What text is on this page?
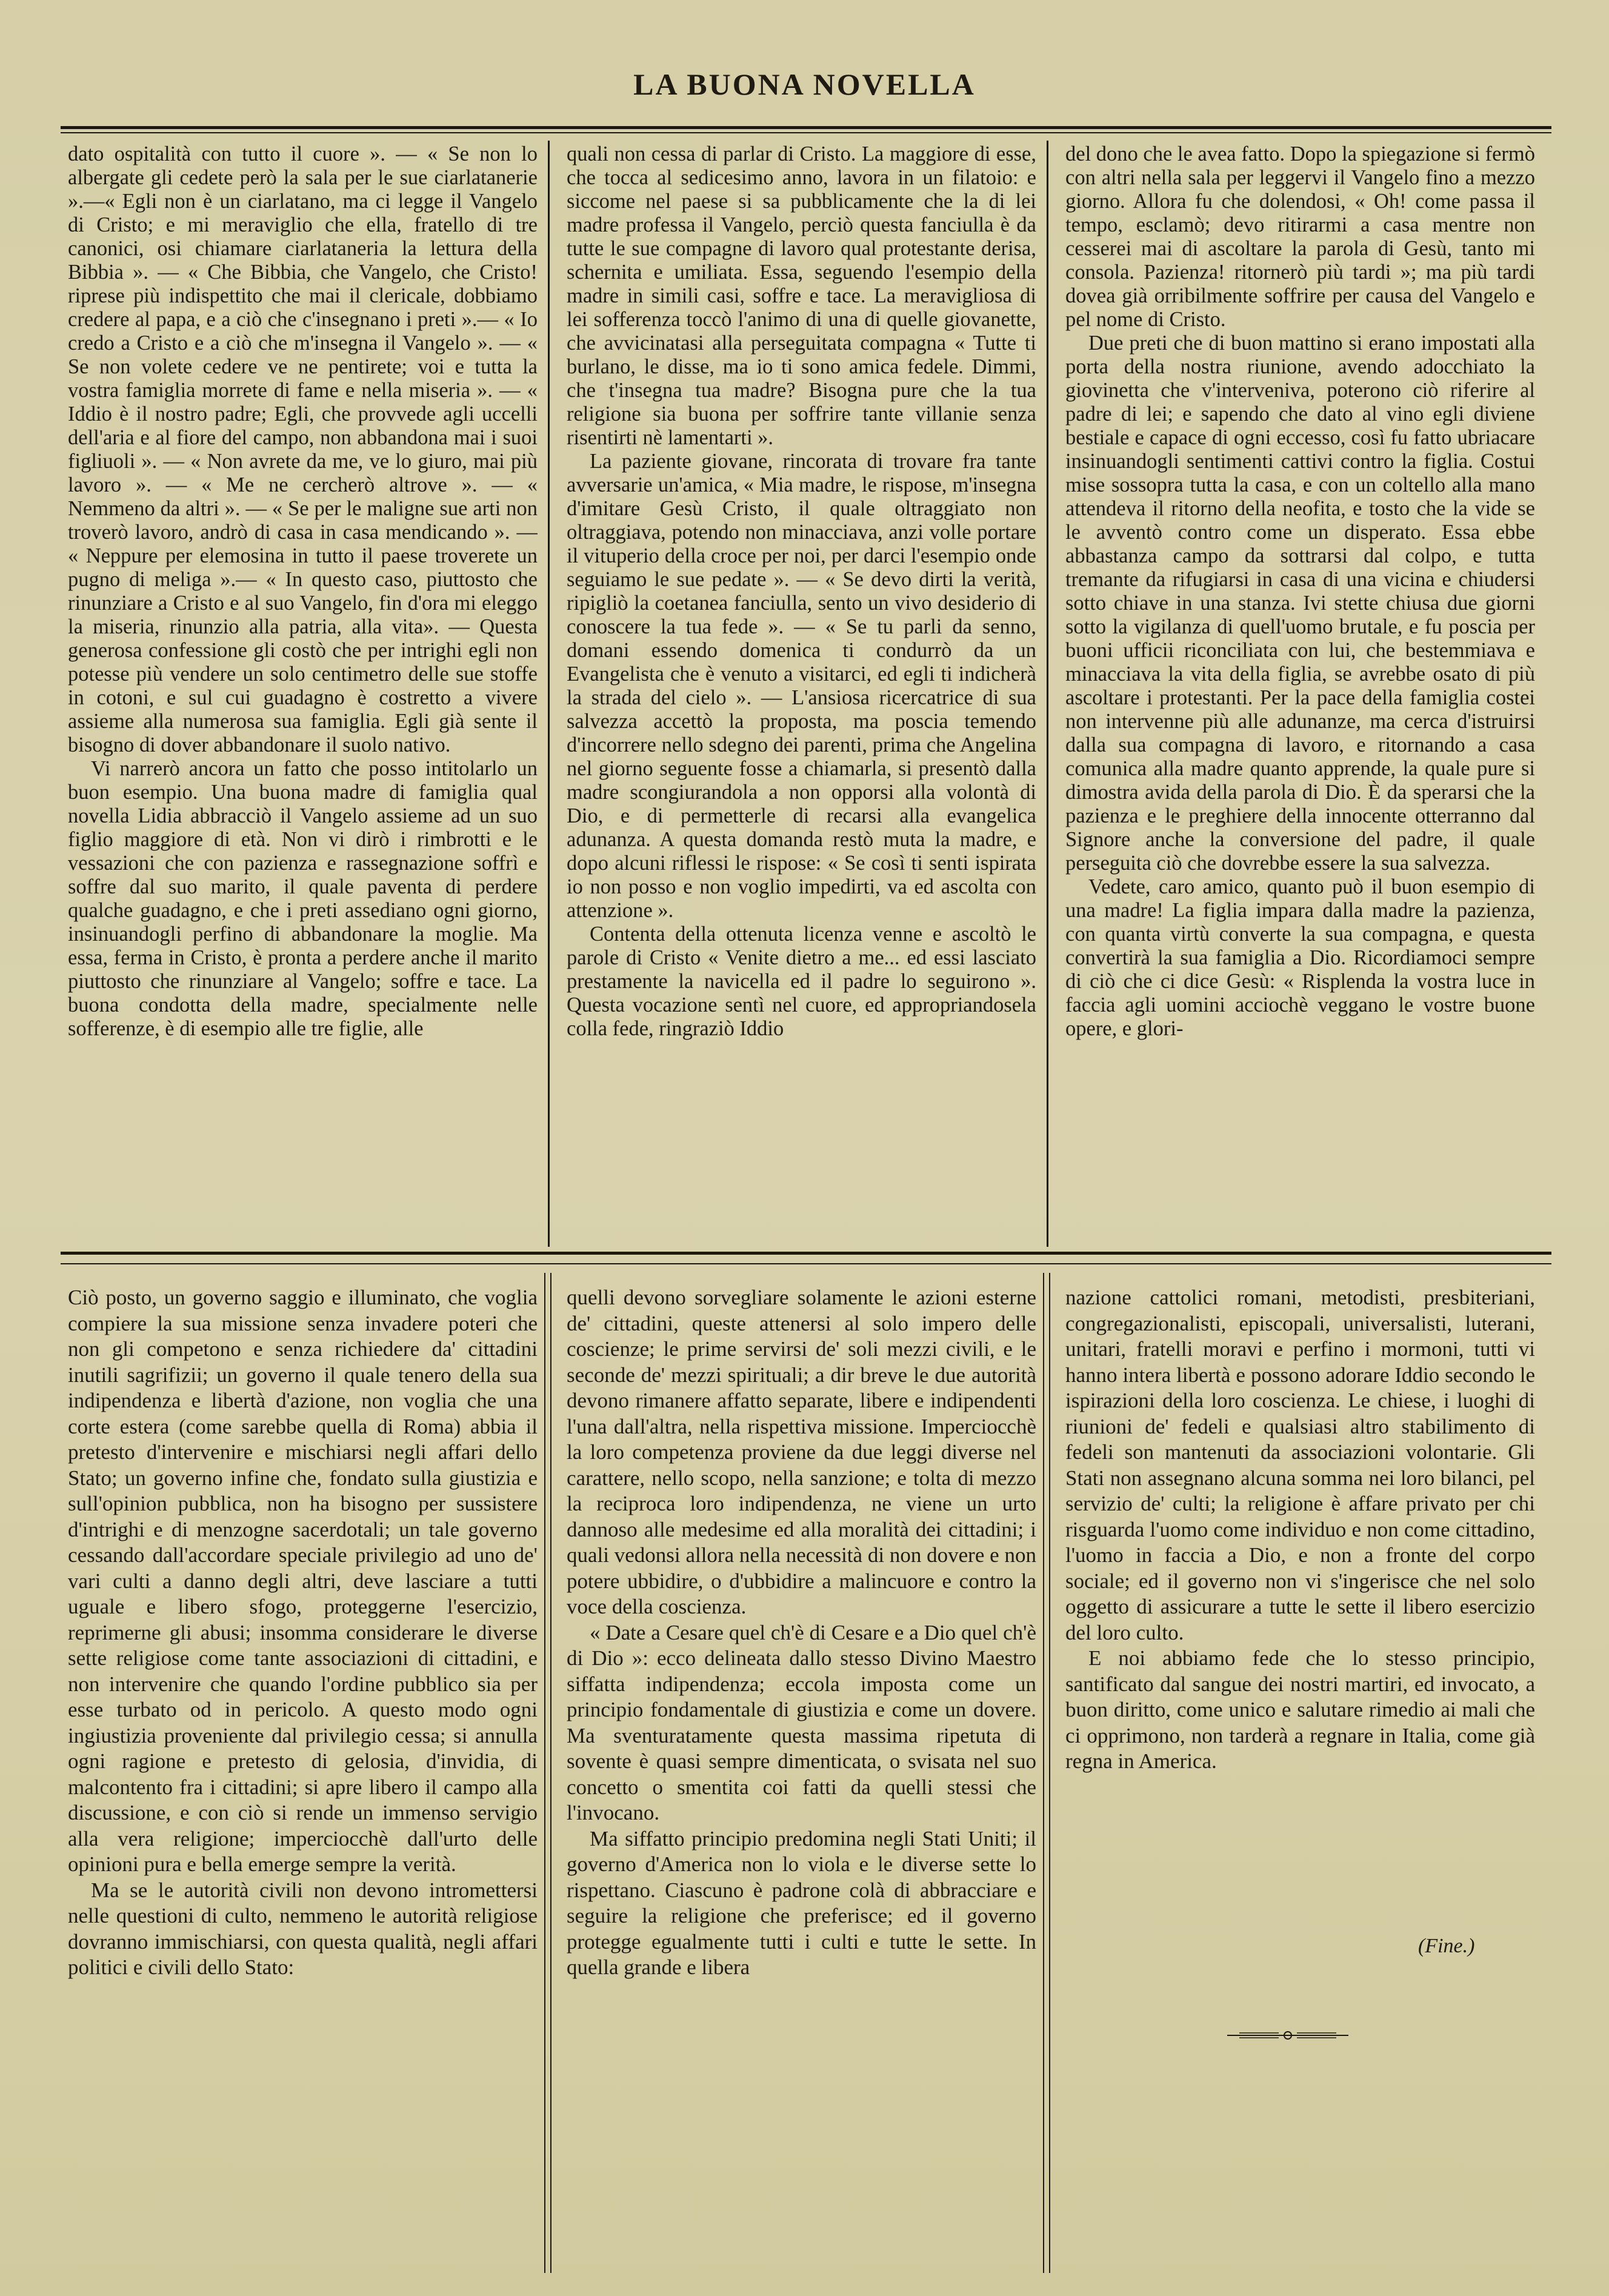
LA BUONA NOVELLA

dato ospitalità con tutto il cuore ». — « Se non lo albergate gli cedete però la sala per le sue ciarlatanerie ».—« Egli non è un ciarlatano, ma ci legge il Vangelo di Cristo; e mi meraviglio che ella, fratello di tre canonici, osi chiamare ciarlataneria la lettura della Bibbia ». — « Che Bibbia, che Vangelo, che Cristo! riprese più indispettito che mai il clericale, dobbiamo credere al papa, e a ciò che c'insegnano i preti ».— « Io credo a Cristo e a ciò che m'insegna il Vangelo ». — « Se non volete cedere ve ne pentirete; voi e tutta la vostra famiglia morrete di fame e nella miseria ». — « Iddio è il nostro padre; Egli, che provvede agli uccelli dell'aria e al fiore del campo, non abbandona mai i suoi figliuoli ». — « Non avrete da me, ve lo giuro, mai più lavoro ». — « Me ne cercherò altrove ». — « Nemmeno da altri ». — « Se per le maligne sue arti non troverò lavoro, andrò di casa in casa mendicando ». — « Neppure per elemosina in tutto il paese troverete un pugno di meliga ».— « In questo caso, piuttosto che rinunziare a Cristo e al suo Vangelo, fin d'ora mi eleggo la miseria, rinunzio alla patria, alla vita». — Questa generosa confessione gli costò che per intrighi egli non potesse più vendere un solo centimetro delle sue stoffe in cotoni, e sul cui guadagno è costretto a vivere assieme alla numerosa sua famiglia. Egli già sente il bisogno di dover abbandonare il suolo nativo.

Vi narrerò ancora un fatto che posso intitolarlo un buon esempio. Una buona madre di famiglia qual novella Lidia abbracciò il Vangelo assieme ad un suo figlio maggiore di età. Non vi dirò i rimbrotti e le vessazioni che con pazienza e rassegnazione soffrì e soffre dal suo marito, il quale paventa di perdere qualche guadagno, e che i preti assediano ogni giorno, insinuandogli perfino di abbandonare la moglie. Ma essa, ferma in Cristo, è pronta a perdere anche il marito piuttosto che rinunziare al Vangelo; soffre e tace. La buona condotta della madre, specialmente nelle sofferenze, è di esempio alle tre figlie, alle

quali non cessa di parlar di Cristo. La maggiore di esse, che tocca al sedicesimo anno, lavora in un filatoio: e siccome nel paese si sa pubblicamente che la di lei madre professa il Vangelo, perciò questa fanciulla è da tutte le sue compagne di lavoro qual protestante derisa, schernita e umiliata. Essa, seguendo l'esempio della madre in simili casi, soffre e tace. La meravigliosa di lei sofferenza toccò l'animo di una di quelle giovanette, che avvicinatasi alla perseguitata compagna « Tutte ti burlano, le disse, ma io ti sono amica fedele. Dimmi, che t'insegna tua madre? Bisogna pure che la tua religione sia buona per soffrire tante villanie senza risentirti nè lamentarti ».

La paziente giovane, rincorata di trovare fra tante avversarie un'amica, « Mia madre, le rispose, m'insegna d'imitare Gesù Cristo, il quale oltraggiato non oltraggiava, potendo non minacciava, anzi volle portare il vituperio della croce per noi, per darci l'esempio onde seguiamo le sue pedate ». — « Se devo dirti la verità, ripigliò la coetanea fanciulla, sento un vivo desiderio di conoscere la tua fede ». — « Se tu parli da senno, domani essendo domenica ti condurrò da un Evangelista che è venuto a visitarci, ed egli ti indicherà la strada del cielo ». — L'ansiosa ricercatrice di sua salvezza accettò la proposta, ma poscia temendo d'incorrere nello sdegno dei parenti, prima che Angelina nel giorno seguente fosse a chiamarla, si presentò dalla madre scongiurandola a non opporsi alla volontà di Dio, e di permetterle di recarsi alla evangelica adunanza. A questa domanda restò muta la madre, e dopo alcuni riflessi le rispose: « Se così ti senti ispirata io non posso e non voglio impedirti, va ed ascolta con attenzione ».

Contenta della ottenuta licenza venne e ascoltò le parole di Cristo « Venite dietro a me... ed essi lasciato prestamente la navicella ed il padre lo seguirono ». Questa vocazione sentì nel cuore, ed appropriandosela colla fede, ringraziò Iddio

del dono che le avea fatto. Dopo la spiegazione si fermò con altri nella sala per leggervi il Vangelo fino a mezzo giorno. Allora fu che dolendosi, « Oh! come passa il tempo, esclamò; devo ritirarmi a casa mentre non cesserei mai di ascoltare la parola di Gesù, tanto mi consola. Pazienza! ritornerò più tardi »; ma più tardi dovea già orribilmente soffrire per causa del Vangelo e pel nome di Cristo.

Due preti che di buon mattino si erano impostati alla porta della nostra riunione, avendo adocchiato la giovinetta che v'interveniva, poterono ciò riferire al padre di lei; e sapendo che dato al vino egli diviene bestiale e capace di ogni eccesso, così fu fatto ubriacare insinuandogli sentimenti cattivi contro la figlia. Costui mise sossopra tutta la casa, e con un coltello alla mano attendeva il ritorno della neofita, e tosto che la vide se le avventò contro come un disperato. Essa ebbe abbastanza campo da sottrarsi dal colpo, e tutta tremante da rifugiarsi in casa di una vicina e chiudersi sotto chiave in una stanza. Ivi stette chiusa due giorni sotto la vigilanza di quell'uomo brutale, e fu poscia per buoni ufficii riconciliata con lui, che bestemmiava e minacciava la vita della figlia, se avrebbe osato di più ascoltare i protestanti. Per la pace della famiglia costei non intervenne più alle adunanze, ma cerca d'istruirsi dalla sua compagna di lavoro, e ritornando a casa comunica alla madre quanto apprende, la quale pure si dimostra avida della parola di Dio. È da sperarsi che la pazienza e le preghiere della innocente otterranno dal Signore anche la conversione del padre, il quale perseguita ciò che dovrebbe essere la sua salvezza.

Vedete, caro amico, quanto può il buon esempio di una madre! La figlia impara dalla madre la pazienza, con quanta virtù converte la sua compagna, e questa convertirà la sua famiglia a Dio. Ricordiamoci sempre di ciò che ci dice Gesù: « Risplenda la vostra luce in faccia agli uomini acciochè veggano le vostre buone opere, e glori-

Ciò posto, un governo saggio e illuminato, che voglia compiere la sua missione senza invadere poteri che non gli competono e senza richiedere da' cittadini inutili sagrifizii; un governo il quale tenero della sua indipendenza e libertà d'azione, non voglia che una corte estera (come sarebbe quella di Roma) abbia il pretesto d'intervenire e mischiarsi negli affari dello Stato; un governo infine che, fondato sulla giustizia e sull'opinion pubblica, non ha bisogno per sussistere d'intrighi e di menzogne sacerdotali; un tale governo cessando dall'accordare speciale privilegio ad uno de' vari culti a danno degli altri, deve lasciare a tutti uguale e libero sfogo, proteggerne l'esercizio, reprimerne gli abusi; insomma considerare le diverse sette religiose come tante associazioni di cittadini, e non intervenire che quando l'ordine pubblico sia per esse turbato od in pericolo. A questo modo ogni ingiustizia proveniente dal privilegio cessa; si annulla ogni ragione e pretesto di gelosia, d'invidia, di malcontento fra i cittadini; si apre libero il campo alla discussione, e con ciò si rende un immenso servigio alla vera religione; imperciocchè dall'urto delle opinioni pura e bella emerge sempre la verità.

Ma se le autorità civili non devono intromettersi nelle questioni di culto, nemmeno le autorità religiose dovranno immischiarsi, con questa qualità, negli affari politici e civili dello Stato:

quelli devono sorvegliare solamente le azioni esterne de' cittadini, queste attenersi al solo impero delle coscienze; le prime servirsi de' soli mezzi civili, e le seconde de' mezzi spirituali; a dir breve le due autorità devono rimanere affatto separate, libere e indipendenti l'una dall'altra, nella rispettiva missione. Imperciocchè la loro competenza proviene da due leggi diverse nel carattere, nello scopo, nella sanzione; e tolta di mezzo la reciproca loro indipendenza, ne viene un urto dannoso alle medesime ed alla moralità dei cittadini; i quali vedonsi allora nella necessità di non dovere e non potere ubbidire, o d'ubbidire a malincuore e contro la voce della coscienza.

« Date a Cesare quel ch'è di Cesare e a Dio quel ch'è di Dio »: ecco delineata dallo stesso Divino Maestro siffatta indipendenza; eccola imposta come un principio fondamentale di giustizia e come un dovere. Ma sventuratamente questa massima ripetuta di sovente è quasi sempre dimenticata, o svisata nel suo concetto o smentita coi fatti da quelli stessi che l'invocano.

Ma siffatto principio predomina negli Stati Uniti; il governo d'America non lo viola e le diverse sette lo rispettano. Ciascuno è padrone colà di abbracciare e seguire la religione che preferisce; ed il governo protegge egualmente tutti i culti e tutte le sette. In quella grande e libera

nazione cattolici romani, metodisti, presbiteriani, congregazionalisti, episcopali, universalisti, luterani, unitari, fratelli moravi e perfino i mormoni, tutti vi hanno intera libertà e possono adorare Iddio secondo le ispirazioni della loro coscienza. Le chiese, i luoghi di riunioni de' fedeli e qualsiasi altro stabilimento di fedeli son mantenuti da associazioni volontarie. Gli Stati non assegnano alcuna somma nei loro bilanci, pel servizio de' culti; la religione è affare privato per chi risguarda l'uomo come individuo e non come cittadino, l'uomo in faccia a Dio, e non a fronte del corpo sociale; ed il governo non vi s'ingerisce che nel solo oggetto di assicurare a tutte le sette il libero esercizio del loro culto.

E noi abbiamo fede che lo stesso principio, santificato dal sangue dei nostri martiri, ed invocato, a buon diritto, come unico e salutare rimedio ai mali che ci opprimono, non tarderà a regnare in Italia, come già regna in America.

(Fine.)
